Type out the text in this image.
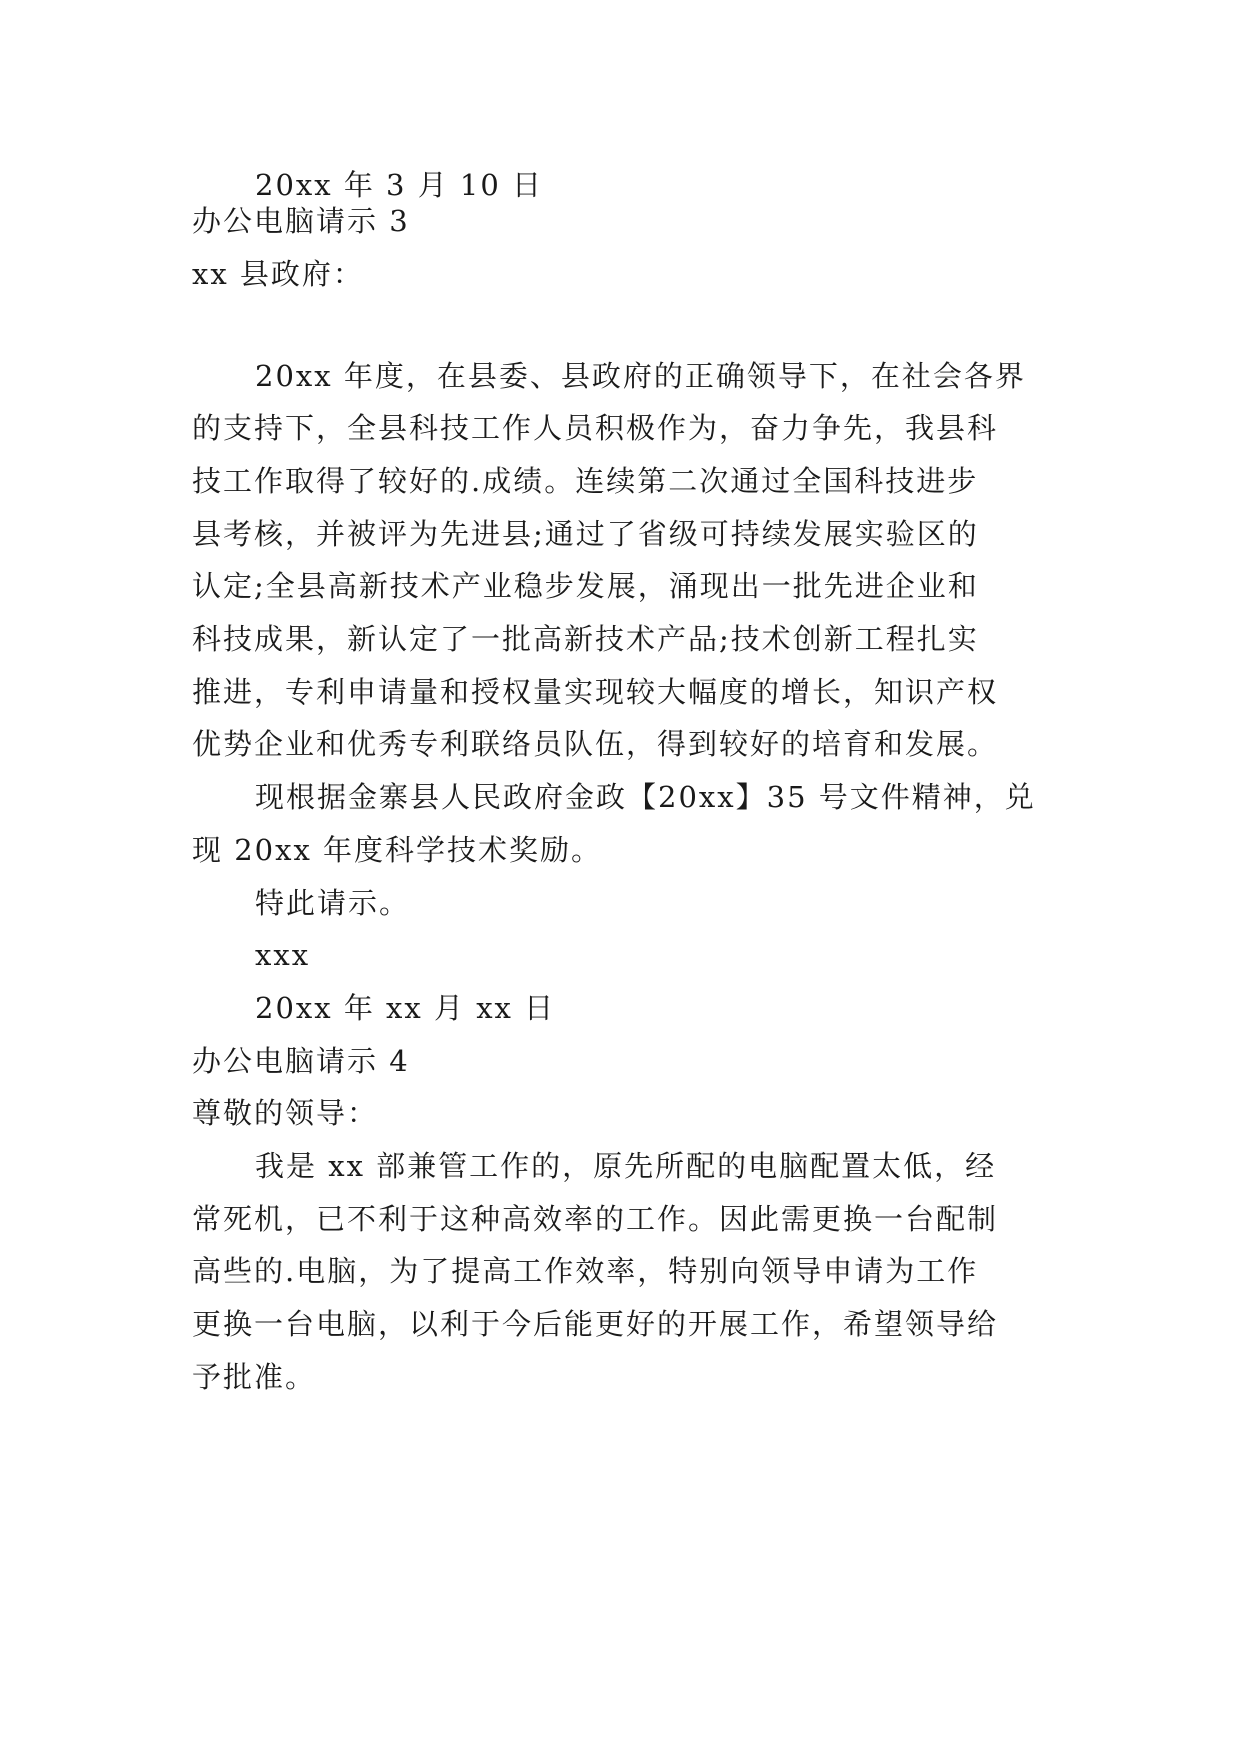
20xx 年 3 月 10 日
办公电脑请示 3
xx 县政府：
20xx 年度，在县委、县政府的正确领导下，在社会各界
的支持下，全县科技工作人员积极作为，奋力争先，我县科
技工作取得了较好的.成绩。连续第二次通过全国科技进步
县考核，并被评为先进县;通过了省级可持续发展实验区的
认定;全县高新技术产业稳步发展，涌现出一批先进企业和
科技成果，新认定了一批高新技术产品;技术创新工程扎实
推进，专利申请量和授权量实现较大幅度的增长，知识产权
优势企业和优秀专利联络员队伍，得到较好的培育和发展。
现根据金寨县人民政府金政【20xx】35 号文件精神，兑
现 20xx 年度科学技术奖励。
特此请示。
xxx
20xx 年 xx 月 xx 日
办公电脑请示 4
尊敬的领导：
我是 xx 部兼管工作的，原先所配的电脑配置太低，经
常死机，已不利于这种高效率的工作。因此需更换一台配制
高些的.电脑，为了提高工作效率，特别向领导申请为工作
更换一台电脑，以利于今后能更好的开展工作，希望领导给
予批准。
